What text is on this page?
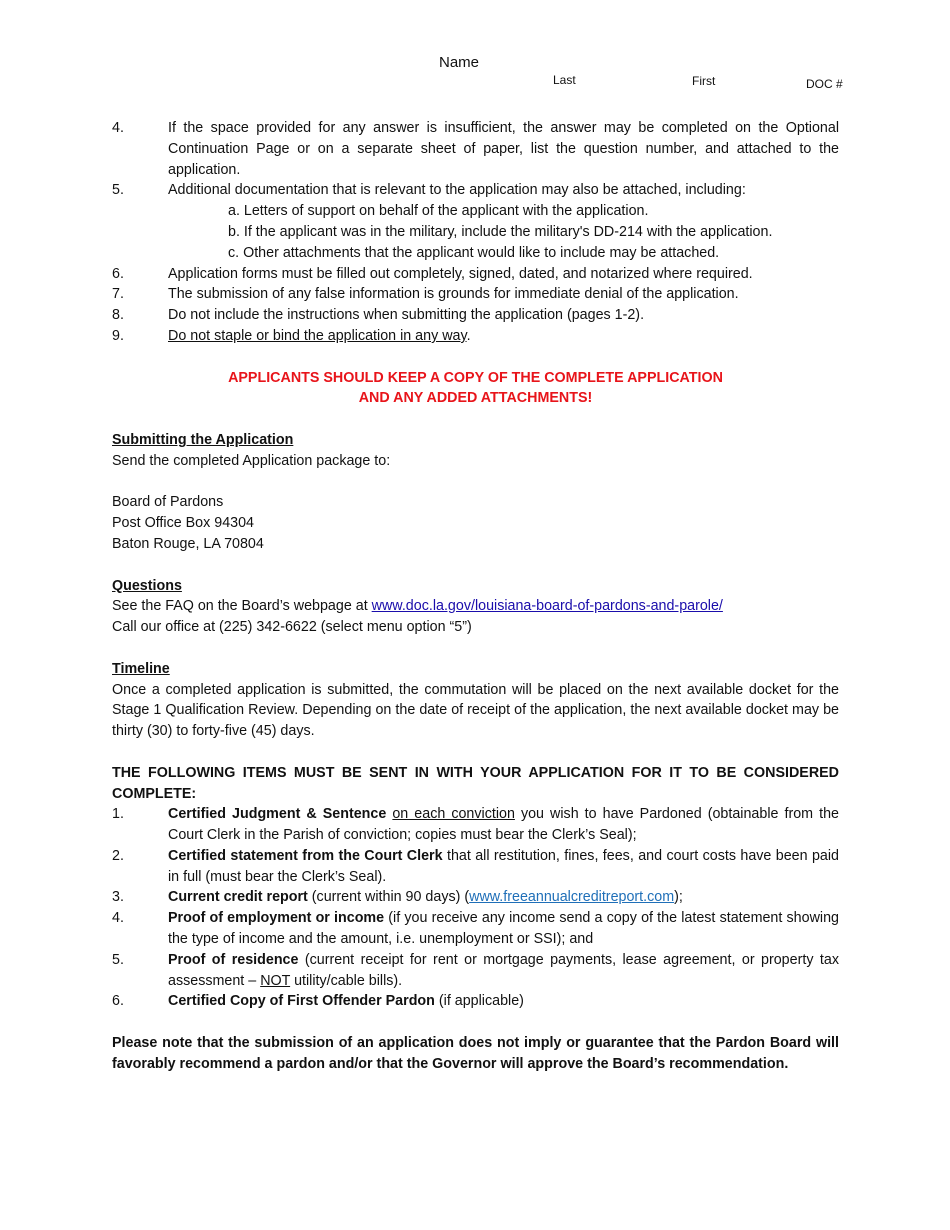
Name
Last	First	DOC #
4.	If the space provided for any answer is insufficient, the answer may be completed on the Optional Continuation Page or on a separate sheet of paper, list the question number, and attached to the application.
5.	Additional documentation that is relevant to the application may also be attached, including:
a. Letters of support on behalf of the applicant with the application.
b. If the applicant was in the military, include the military's DD-214 with the application.
c. Other attachments that the applicant would like to include may be attached.
6.	Application forms must be filled out completely, signed, dated, and notarized where required.
7.	The submission of any false information is grounds for immediate denial of the application.
8.	Do not include the instructions when submitting the application (pages 1-2).
9.	Do not staple or bind the application in any way.
APPLICANTS SHOULD KEEP A COPY OF THE COMPLETE APPLICATION
AND ANY ADDED ATTACHMENTS!
Submitting the Application
Send the completed Application package to:
Board of Pardons
Post Office Box 94304
Baton Rouge, LA 70804
Questions
See the FAQ on the Board’s webpage at www.doc.la.gov/louisiana-board-of-pardons-and-parole/
Call our office at (225) 342-6622 (select menu option “5”)
Timeline
Once a completed application is submitted, the commutation will be placed on the next available docket for the Stage 1 Qualification Review. Depending on the date of receipt of the application, the next available docket may be thirty (30) to forty-five (45) days.
THE FOLLOWING ITEMS MUST BE SENT IN WITH YOUR APPLICATION FOR IT TO BE CONSIDERED COMPLETE:
1.	Certified Judgment & Sentence on each conviction you wish to have Pardoned (obtainable from the Court Clerk in the Parish of conviction; copies must bear the Clerk’s Seal);
2.	Certified statement from the Court Clerk that all restitution, fines, fees, and court costs have been paid in full (must bear the Clerk’s Seal).
3.	Current credit report (current within 90 days) (www.freeannualcreditreport.com);
4.	Proof of employment or income (if you receive any income send a copy of the latest statement showing the type of income and the amount, i.e. unemployment or SSI); and
5.	Proof of residence (current receipt for rent or mortgage payments, lease agreement, or property tax assessment – NOT utility/cable bills).
6.	Certified Copy of First Offender Pardon (if applicable)
Please note that the submission of an application does not imply or guarantee that the Pardon Board will favorably recommend a pardon and/or that the Governor will approve the Board’s recommendation.
